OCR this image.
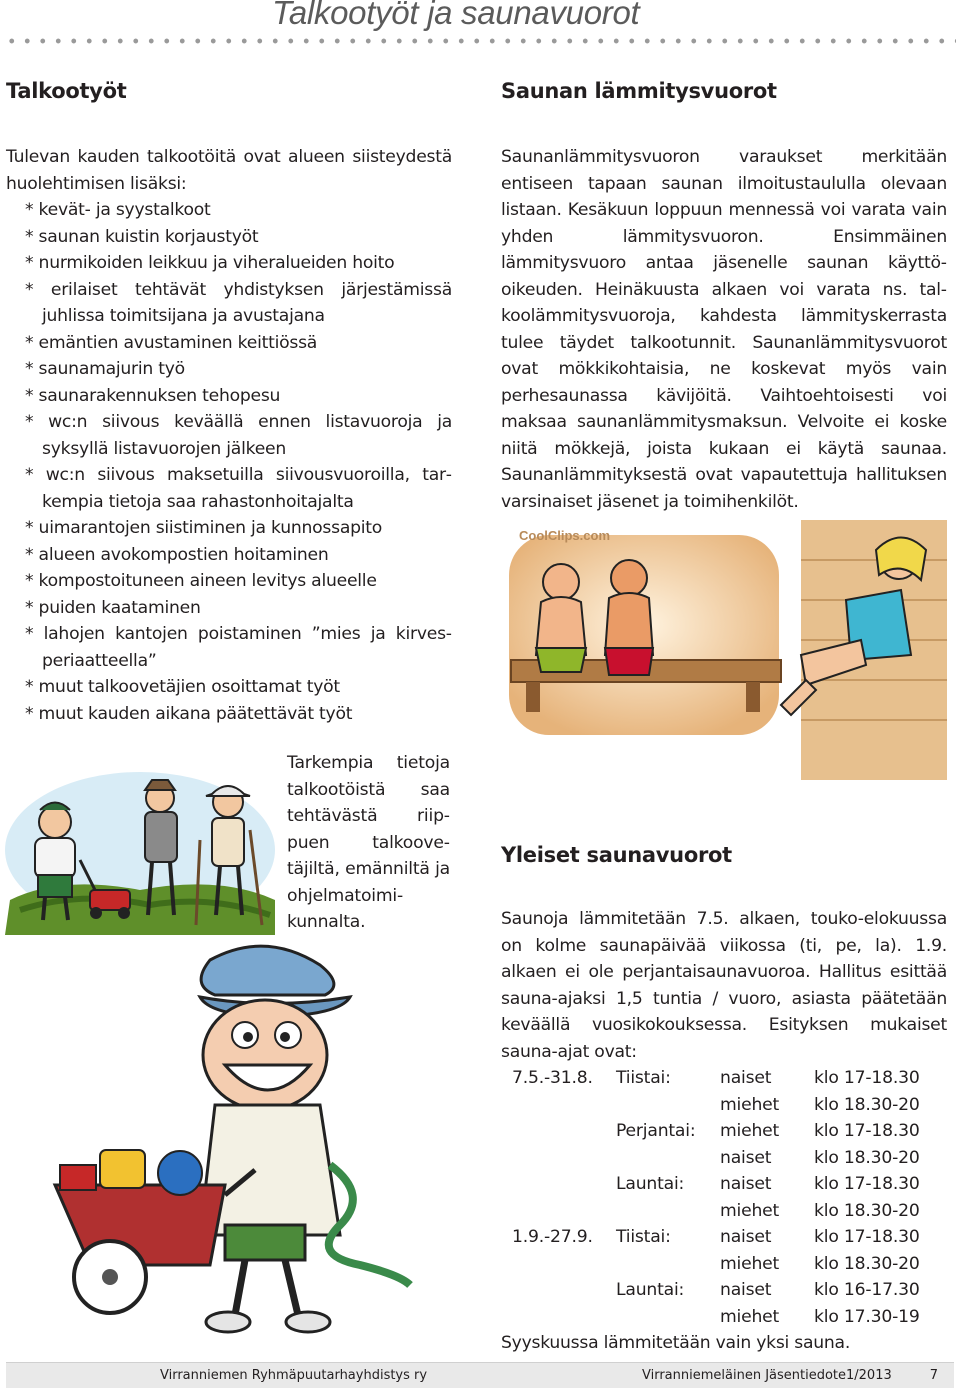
Talkootyöt ja saunavuorot
Talkootyöt

Tulevan kauden talkootöitä ovat alueen siisteydestä huolehtimisen lisäksi:

* kevät- ja syystalkoot
* saunan kuistin korjaustyöt
* nurmikoiden leikkuu ja viheralueiden hoito
* erilaiset tehtävät yhdistyksen järjestämissä juhlissa toimitsijana ja avustajana
* emäntien avustaminen keittiössä
* saunamajurin työ
* saunarakennuksen tehopesu
* wc:n siivous keväällä ennen listavuoroja ja syksyllä listavuorojen jälkeen
* wc:n siivous maksetuilla siivousvuoroilla, tarkempia tietoja saa rahastonhoitajalta
* uimarantojen siistiminen ja kunnossapito
* alueen avokompostien hoitaminen
* kompostoituneen aineen levitys alueelle
* puiden kaataminen
* lahojen kantojen poistaminen ”mies ja kirvesperiaatteella”
* muut talkoovetäjien osoittamat työt
* muut kauden aikana päätettävät työt
Tarkempia tietoja talkootöistä saa tehtävästä riippuen talkoovetäjiltä, emänniltä ja ohjelmatoimikunnalta.
Saunan lämmitysvuorot

Saunanlämmitysvuoron varaukset merkitään entiseen tapaan saunan ilmoitustaululla olevaan listaan. Kesäkuun loppuun mennessä voi varata vain yhden lämmitysvuoron. Ensimmäinen lämmitysvuoro antaa jäsenelle saunan käyttöoikeuden. Heinäkuusta alkaen voi varata ns. talkoolämmitysvuoroja, kahdesta lämmityskerrasta tulee täydet talkootunnit. Saunanlämmitysvuorot ovat mökkikohtaisia, ne koskevat myös vain perhesaunassa kävijöitä. Vaihtoehtoisesti voi maksaa saunanlämmitysmaksun. Velvoite ei koske niitä mökkejä, joista kukaan ei käytä saunaa. Saunanlämmityksestä ovat vapautettuja hallituksen varsinaiset jäsenet ja toimihenkilöt.

CoolClips.com
Yleiset saunavuorot

Saunoja lämmitetään 7.5. alkaen, touko-elokuussa on kolme saunapäivää viikossa (ti, pe, la). 1.9. alkaen ei ole perjantaisaunavuoroa. Hallitus esittää sauna-ajaksi 1,5 tuntia / vuoro, asiasta päätetään keväällä vuosikokouksessa. Esityksen mukaiset sauna-ajat ovat:

7.5.-31.8.	Tiistai:	naiset	klo 17-18.30
		miehet	klo 18.30-20
	Perjantai:	miehet	klo 17-18.30
		naiset	klo 18.30-20
	Launtai:	naiset	klo 17-18.30
		miehet	klo 18.30-20
1.9.-27.9.	Tiistai:	naiset	klo 17-18.30
		miehet	klo 18.30-20
	Launtai:	naiset	klo 16-17.30
		miehet	klo 17.30-19

Syyskuussa lämmitetään vain yksi sauna.

Virranniemen Ryhmäpuutarhayhdistys ry	Virranniemeläinen Jäsentiedote1/2013	7
